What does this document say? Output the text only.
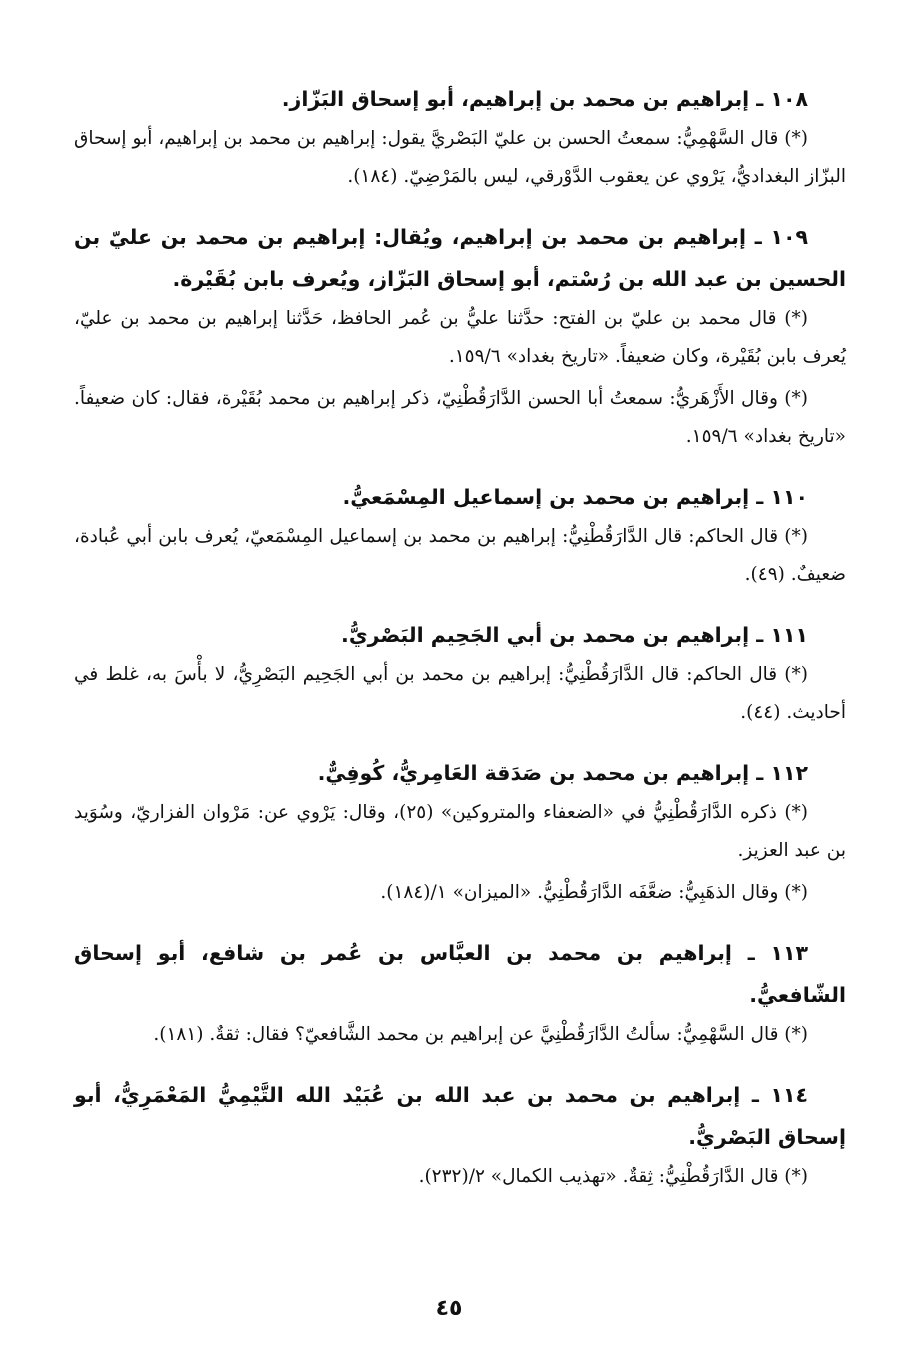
١٠٨ ـ إبراهيم بن محمد بن إبراهيم، أبو إسحاق البَزّاز.

(*) قال السَّهْمِيُّ: سمعتُ الحسن بن عليّ البَصْريَّ يقول: إبراهيم بن محمد بن إبراهيم، أبو إسحاق البزّاز البغداديُّ، يَرْوي عن يعقوب الدَّوْرقي، ليس بالمَرْضِيّ. (١٨٤).

١٠٩ ـ إبراهيم بن محمد بن إبراهيم، ويُقال: إبراهيم بن محمد بن عليّ بن الحسين بن عبد الله بن رُسْتم، أبو إسحاق البَزّاز، ويُعرف بابن بُقَيْرة.

(*) قال محمد بن عليّ بن الفتح: حدَّثنا عليُّ بن عُمر الحافظ، حَدَّثنا إبراهيم بن محمد بن عليّ، يُعرف بابن بُقَيْرة، وكان ضعيفاً. «تاريخ بغداد» ١٥٩/٦.

(*) وقال الأَزْهَريُّ: سمعتُ أبا الحسن الدَّارَقُطْنِيّ، ذكر إبراهيم بن محمد بُقَيْرة، فقال: كان ضعيفاً. «تاريخ بغداد» ١٥٩/٦.

١١٠ ـ إبراهيم بن محمد بن إسماعيل المِسْمَعيُّ.

(*) قال الحاكم: قال الدَّارَقُطْنِيُّ: إبراهيم بن محمد بن إسماعيل المِسْمَعيّ، يُعرف بابن أبي عُبادة، ضعيفٌ. (٤٩).

١١١ ـ إبراهيم بن محمد بن أبي الجَحِيم البَصْريُّ.

(*) قال الحاكم: قال الدَّارَقُطْنِيُّ: إبراهيم بن محمد بن أبي الجَحِيم البَصْرِيُّ، لا بأْسَ به، غلط في أحاديث. (٤٤).

١١٢ ـ إبراهيم بن محمد بن صَدَقة العَامِريُّ، كُوفِيٌّ.

(*) ذكره الدَّارَقُطْنِيُّ في «الضعفاء والمتروكين» (٢٥)، وقال: يَرْوي عن: مَرْوان الفزاريّ، وسُوَيد بن عبد العزيز.

(*) وقال الذهَبِيُّ: ضعَّفَه الدَّارَقُطْنِيُّ. «الميزان» ١/(١٨٤).

١١٣ ـ إبراهيم بن محمد بن العبَّاس بن عُمر بن شافع، أبو إسحاق الشّافعيُّ.

(*) قال السَّهْمِيُّ: سألتُ الدَّارَقُطْنِيَّ عن إبراهيم بن محمد الشَّافعيّ؟ فقال: ثقةٌ. (١٨١).

١١٤ ـ إبراهيم بن محمد بن عبد الله بن عُبَيْد الله التَّيْمِيُّ المَعْمَرِيُّ، أبو إسحاق البَصْريُّ.

(*) قال الدَّارَقُطْنِيُّ: ثِقةٌ. «تهذيب الكمال» ٢/(٢٣٢).

٤٥
